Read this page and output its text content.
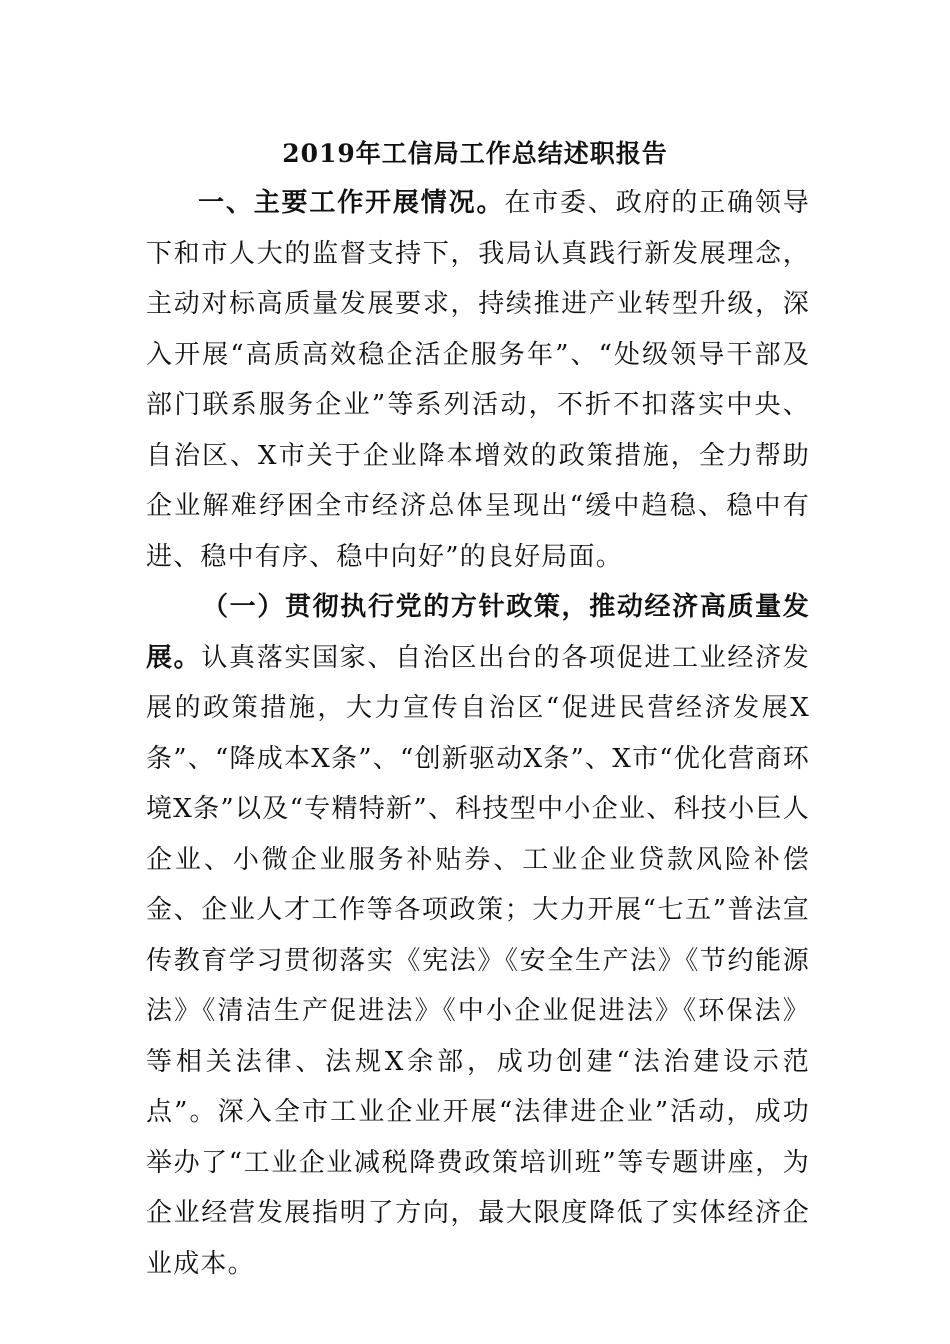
2019年工信局工作总结述职报告

一、主要工作开展情况。在市委、政府的正确领导下和市人大的监督支持下，我局认真践行新发展理念，主动对标高质量发展要求，持续推进产业转型升级，深入开展“高质高效稳企活企服务年”、“处级领导干部及部门联系服务企业”等系列活动，不折不扣落实中央、自治区、X市关于企业降本增效的政策措施，全力帮助企业解难纾困全市经济总体呈现出“缓中趋稳、稳中有进、稳中有序、稳中向好”的良好局面。

（一）贯彻执行党的方针政策，推动经济高质量发展。认真落实国家、自治区出台的各项促进工业经济发展的政策措施，大力宣传自治区“促进民营经济发展X条”、“降成本X条”、“创新驱动X条”、X市“优化营商环境X条”以及“专精特新”、科技型中小企业、科技小巨人企业、小微企业服务补贴券、工业企业贷款风险补偿金、企业人才工作等各项政策；大力开展“七五”普法宣传教育学习贯彻落实《宪法》《安全生产法》《节约能源法》《清洁生产促进法》《中小企业促进法》《环保法》等相关法律、法规X余部，成功创建“法治建设示范点”。深入全市工业企业开展“法律进企业”活动，成功举办了“工业企业减税降费政策培训班”等专题讲座，为企业经营发展指明了方向，最大限度降低了实体经济企业成本。
